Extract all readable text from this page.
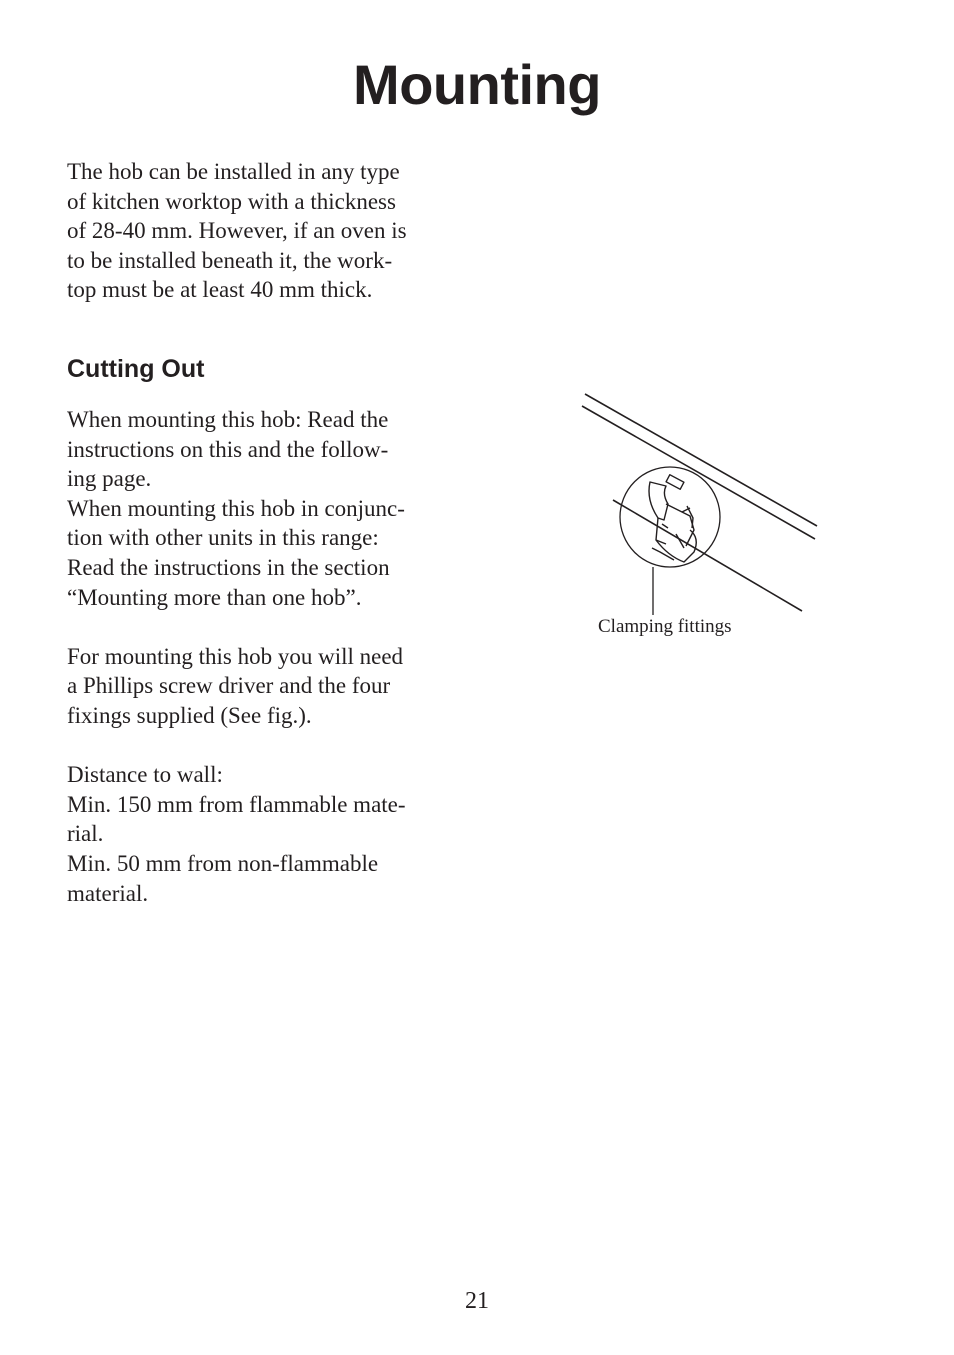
Mounting

The hob can be installed in any type

of kitchen worktop with a thickness

of 28-40 mm. However, if an oven is

to be installed beneath it, the work-

top must be at least 40 mm thick.

Cutting Out

When mounting this hob: Read the

instructions on this and the follow-

ing page.

When mounting this hob in conjunc-

tion with other units in this range:

Read the instructions in the section

“Mounting more than one hob”.

For mounting this hob you will need

a Phillips screw driver and the four

fixings supplied (See fig.).

Distance to wall:

Min. 150 mm from flammable mate-

rial.

Min. 50 mm from non-flammable

material.

Clamping fittings
21
